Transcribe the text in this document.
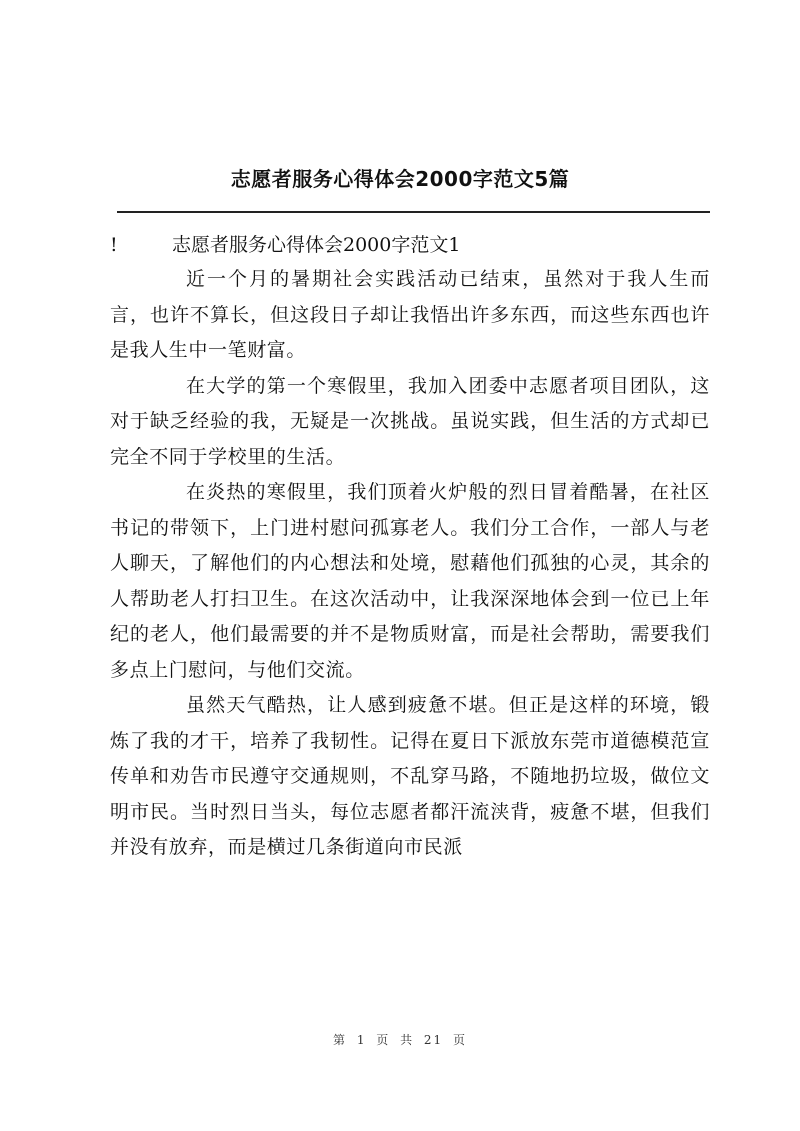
志愿者服务心得体会2000字范文5篇
!	志愿者服务心得体会2000字范文1

近一个月的暑期社会实践活动已结束，虽然对于我人生而言，也许不算长，但这段日子却让我悟出许多东西，而这些东西也许是我人生中一笔财富。

在大学的第一个寒假里，我加入团委中志愿者项目团队，这对于缺乏经验的我，无疑是一次挑战。虽说实践，但生活的方式却已完全不同于学校里的生活。

在炎热的寒假里，我们顶着火炉般的烈日冒着酷暑，在社区书记的带领下，上门进村慰问孤寡老人。我们分工合作，一部人与老人聊天，了解他们的内心想法和处境，慰藉他们孤独的心灵，其余的人帮助老人打扫卫生。在这次活动中，让我深深地体会到一位已上年纪的老人，他们最需要的并不是物质财富，而是社会帮助，需要我们多点上门慰问，与他们交流。

虽然天气酷热，让人感到疲惫不堪。但正是这样的环境，锻炼了我的才干，培养了我韧性。记得在夏日下派放东莞市道德模范宣传单和劝告市民遵守交通规则，不乱穿马路，不随地扔垃圾，做位文明市民。当时烈日当头，每位志愿者都汗流浃背，疲惫不堪，但我们并没有放弃，而是横过几条街道向市民派

第 1 页 共 21 页
